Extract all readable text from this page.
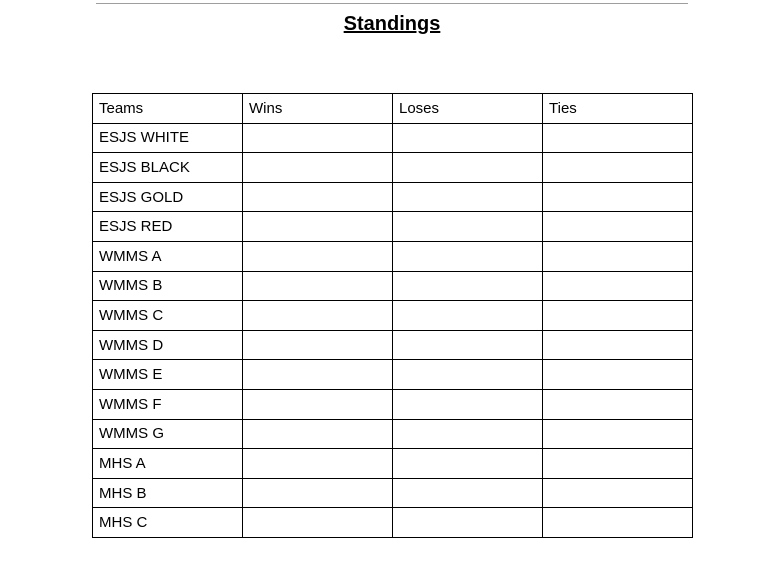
Standings
Teams	Wins	Loses	Ties
ESJS WHITE			
ESJS BLACK			
ESJS GOLD			
ESJS RED			
WMMS A			
WMMS B			
WMMS C			
WMMS D			
WMMS E			
WMMS F			
WMMS G			
MHS A			
MHS B			
MHS C			
